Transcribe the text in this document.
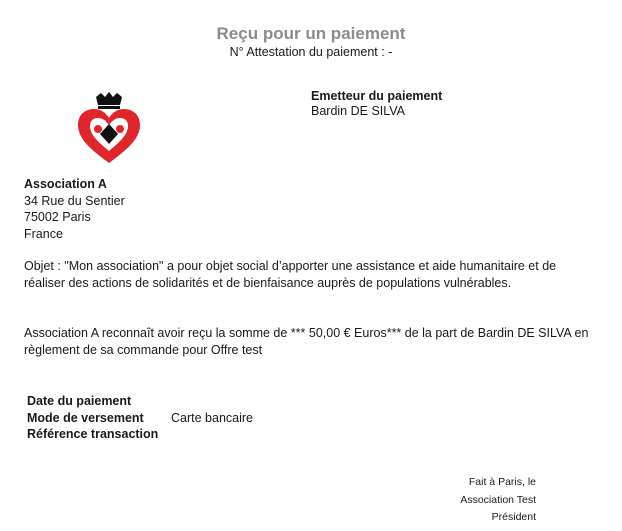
Reçu pour un paiement
N° Attestation du paiement : -
Emetteur du paiement
Bardin DE SILVA
Association A
34 Rue du Sentier
75002 Paris
France
Objet : "Mon association" a pour objet social d’apporter une assistance et aide humanitaire et de réaliser des actions de solidarités et de bienfaisance auprès de populations vulnérables.
Association A reconnaît avoir reçu la somme de *** 50,00 € Euros*** de la part de Bardin DE SILVA en règlement de sa commande pour Offre test
Date du paiement
Mode de versement	Carte bancaire
Référence transaction
Fait à Paris, le
Association Test
Président
